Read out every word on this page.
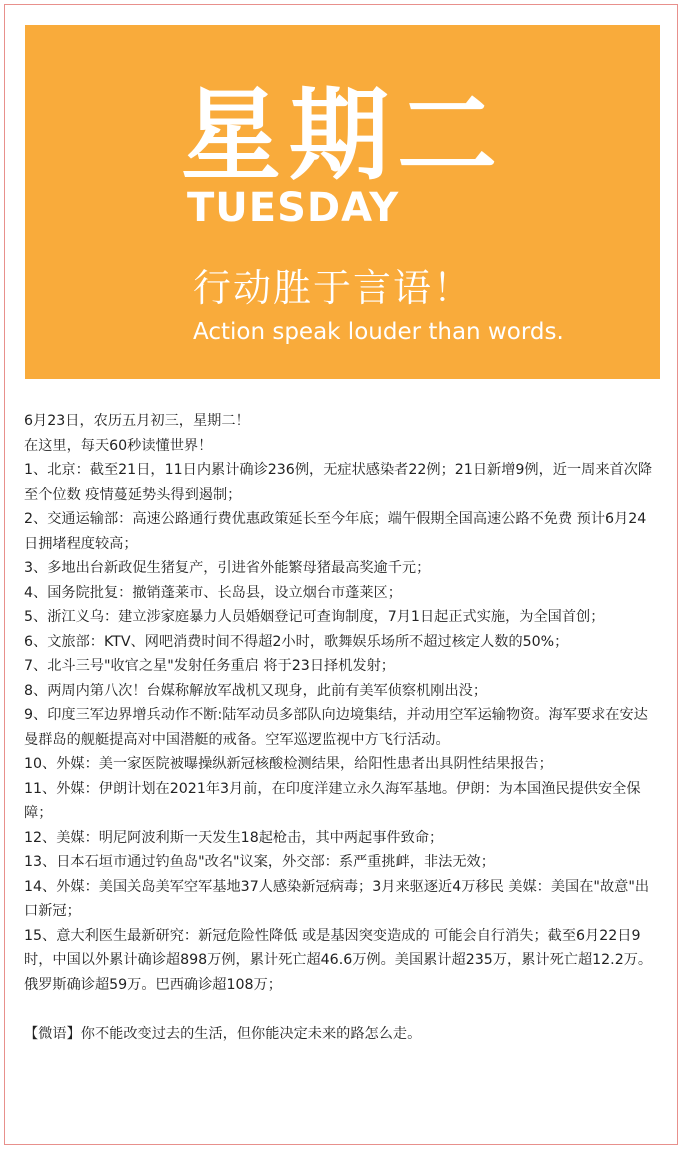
星期二
TUESDAY
行动胜于言语！
Action speak louder than words.

6月23日，农历五月初三，星期二！

在这里，每天60秒读懂世界！

1、北京：截至21日，11日内累计确诊236例，无症状感染者22例；21日新增9例，近一周来首次降至个位数 疫情蔓延势头得到遏制；

2、交通运输部：高速公路通行费优惠政策延长至今年底；端午假期全国高速公路不免费 预计6月24日拥堵程度较高；

3、多地出台新政促生猪复产，引进省外能繁母猪最高奖逾千元；

4、国务院批复：撤销蓬莱市、长岛县，设立烟台市蓬莱区；

5、浙江义乌：建立涉家庭暴力人员婚姻登记可查询制度，7月1日起正式实施，为全国首创；

6、文旅部：KTV、网吧消费时间不得超2小时，歌舞娱乐场所不超过核定人数的50%；

7、北斗三号"收官之星"发射任务重启 将于23日择机发射；

8、两周内第八次！台媒称解放军战机又现身，此前有美军侦察机刚出没；

9、印度三军边界增兵动作不断:陆军动员多部队向边境集结，并动用空军运输物资。海军要求在安达曼群岛的舰艇提高对中国潜艇的戒备。空军巡逻监视中方飞行活动。

10、外媒：美一家医院被曝操纵新冠核酸检测结果，给阳性患者出具阴性结果报告；

11、外媒：伊朗计划在2021年3月前，在印度洋建立永久海军基地。伊朗：为本国渔民提供安全保障；

12、美媒：明尼阿波利斯一天发生18起枪击，其中两起事件致命；

13、日本石垣市通过钓鱼岛"改名"议案，外交部：系严重挑衅，非法无效；

14、外媒：美国关岛美军空军基地37人感染新冠病毒；3月来驱逐近4万移民 美媒：美国在"故意"出口新冠；

15、意大利医生最新研究：新冠危险性降低 或是基因突变造成的 可能会自行消失；截至6月22日9时，中国以外累计确诊超898万例，累计死亡超46.6万例。美国累计超235万，累计死亡超12.2万。俄罗斯确诊超59万。巴西确诊超108万；

【微语】你不能改变过去的生活，但你能决定未来的路怎么走。
